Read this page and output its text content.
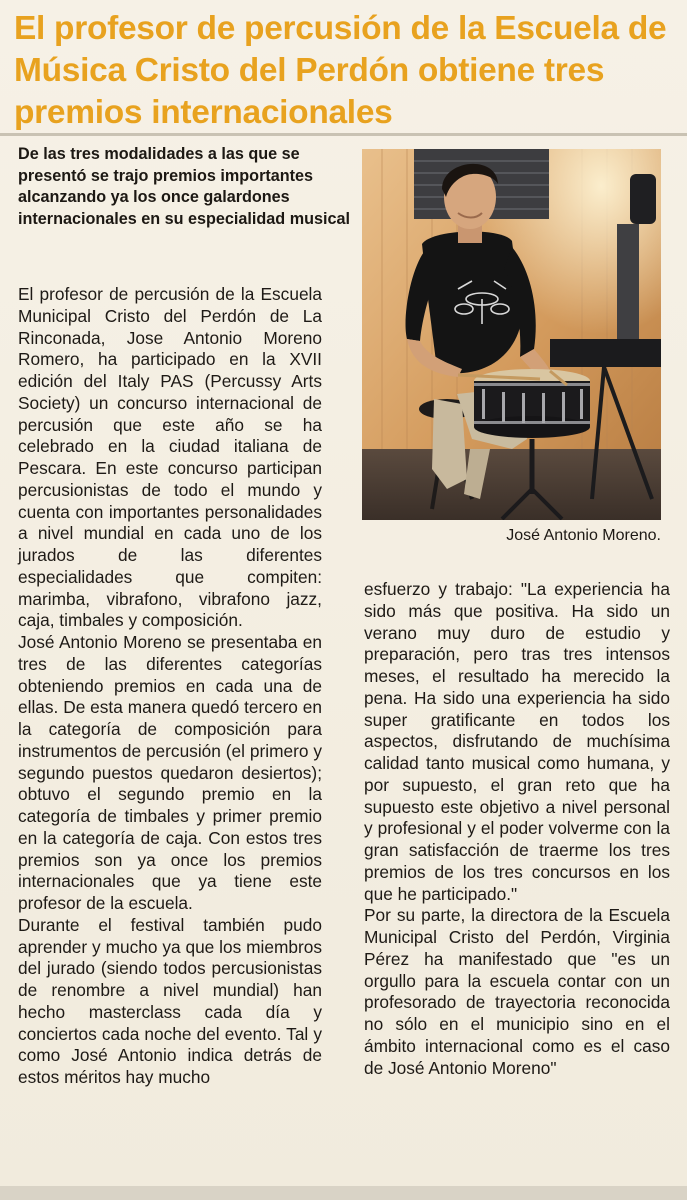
El profesor de percusión de la Escuela de Música Cristo del Perdón obtiene tres premios internacionales

De las tres modalidades a las que se presentó se trajo premios importantes alcanzando ya los once galardones internacionales en su especialidad musical

El profesor de percusión de la Escuela Municipal Cristo del Perdón de La Rinconada, Jose Antonio Moreno Romero, ha participado en la XVII edición del Italy PAS (Percussy Arts Society) un concurso internacional de percusión que este año se ha celebrado en la ciudad italiana de Pescara. En este concurso participan percusionistas de todo el mundo y cuenta con importantes personalidades a nivel mundial en cada uno de los jurados de las diferentes especialidades que compiten: marimba, vibrafono, vibrafono jazz, caja, timbales y composición.

José Antonio Moreno se presentaba en tres de las diferentes categorías obteniendo premios en cada una de ellas. De esta manera quedó tercero en la categoría de composición para instrumentos de percusión (el primero y segundo puestos quedaron desiertos); obtuvo el segundo premio en la categoría de timbales y primer premio en la categoría de caja. Con estos tres premios son ya once los premios internacionales que ya tiene este profesor de la escuela.

Durante el festival también pudo aprender y mucho ya que los miembros del jurado (siendo todos percusionistas de renombre a nivel mundial) han hecho masterclass cada día y conciertos cada noche del evento. Tal y como José Antonio indica detrás de estos méritos hay mucho

José Antonio Moreno.

esfuerzo y trabajo: "La experiencia ha sido más que positiva. Ha sido un verano muy duro de estudio y preparación, pero tras tres intensos meses, el resultado ha merecido la pena. Ha sido una experiencia ha sido super gratificante en todos los aspectos, disfrutando de muchísima calidad tanto musical como humana, y por supuesto, el gran reto que ha supuesto este objetivo a nivel personal y profesional y el poder volverme con la gran satisfacción de traerme los tres premios de los tres concursos en los que he participado."

Por su parte, la directora de la Escuela Municipal Cristo del Perdón, Virginia Pérez ha manifestado que "es un orgullo para la escuela contar con un profesorado de trayectoria reconocida no sólo en el municipio sino en el ámbito internacional como es el caso de José Antonio Moreno"
